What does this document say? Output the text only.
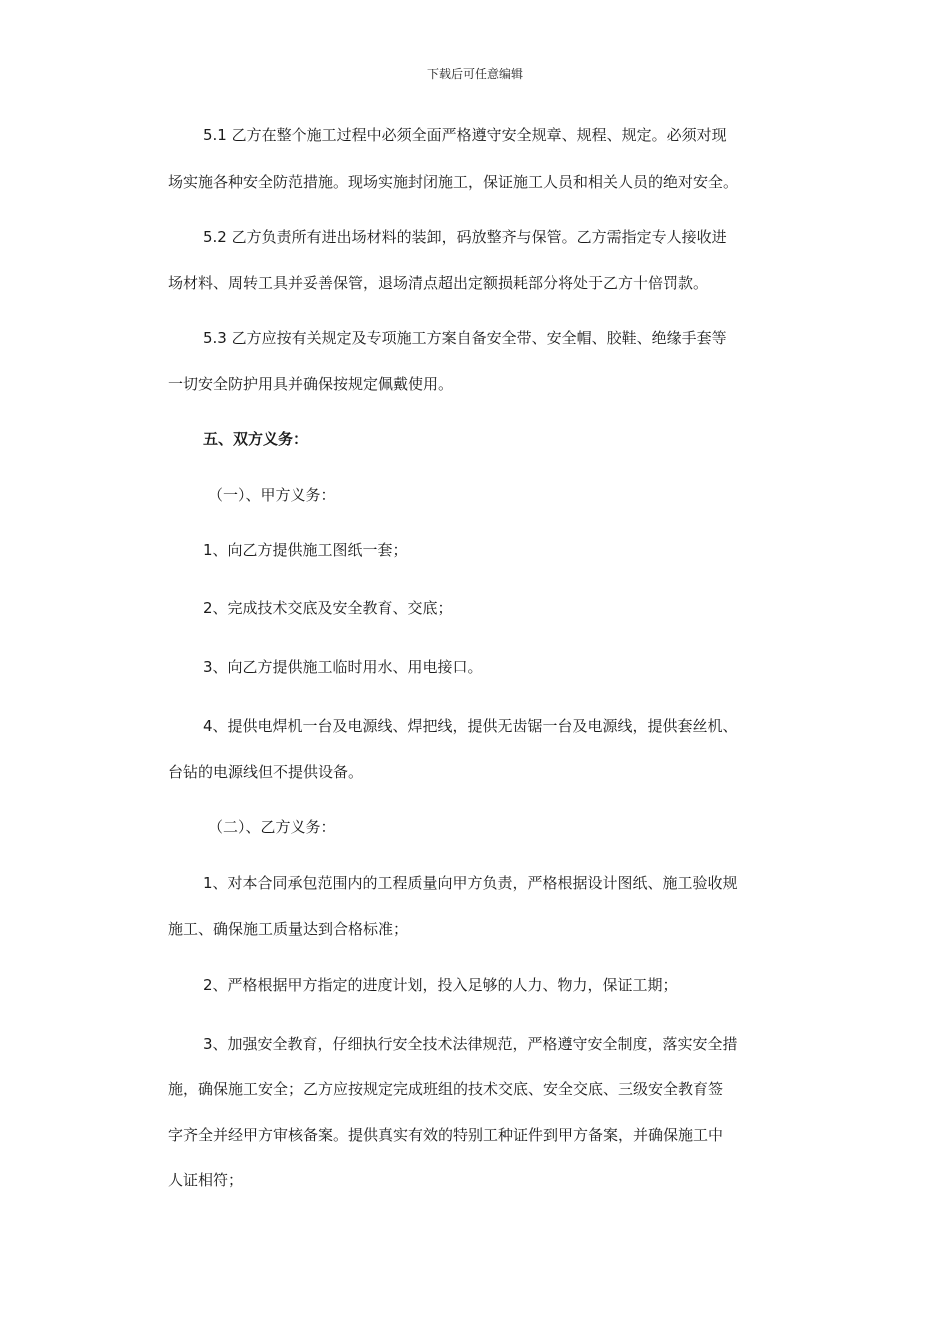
下载后可任意编辑
5.1 乙方在整个施工过程中必须全面严格遵守安全规章、规程、规定。必须对现
场实施各种安全防范措施。现场实施封闭施工，保证施工人员和相关人员的绝对安全。
5.2 乙方负责所有进出场材料的装卸，码放整齐与保管。乙方需指定专人接收进
场材料、周转工具并妥善保管，退场清点超出定额损耗部分将处于乙方十倍罚款。
5.3 乙方应按有关规定及专项施工方案自备安全带、安全帽、胶鞋、绝缘手套等
一切安全防护用具并确保按规定佩戴使用。
五、双方义务：
（一）、甲方义务：
1、向乙方提供施工图纸一套；
2、完成技术交底及安全教育、交底；
3、向乙方提供施工临时用水、用电接口。
4、提供电焊机一台及电源线、焊把线，提供无齿锯一台及电源线，提供套丝机、
台钻的电源线但不提供设备。
（二）、乙方义务：
1、对本合同承包范围内的工程质量向甲方负责，严格根据设计图纸、施工验收规
施工、确保施工质量达到合格标准；
2、严格根据甲方指定的进度计划，投入足够的人力、物力，保证工期；
3、加强安全教育，仔细执行安全技术法律规范，严格遵守安全制度，落实安全措
施，确保施工安全；乙方应按规定完成班组的技术交底、安全交底、三级安全教育签
字齐全并经甲方审核备案。提供真实有效的特别工种证件到甲方备案，并确保施工中
人证相符；
